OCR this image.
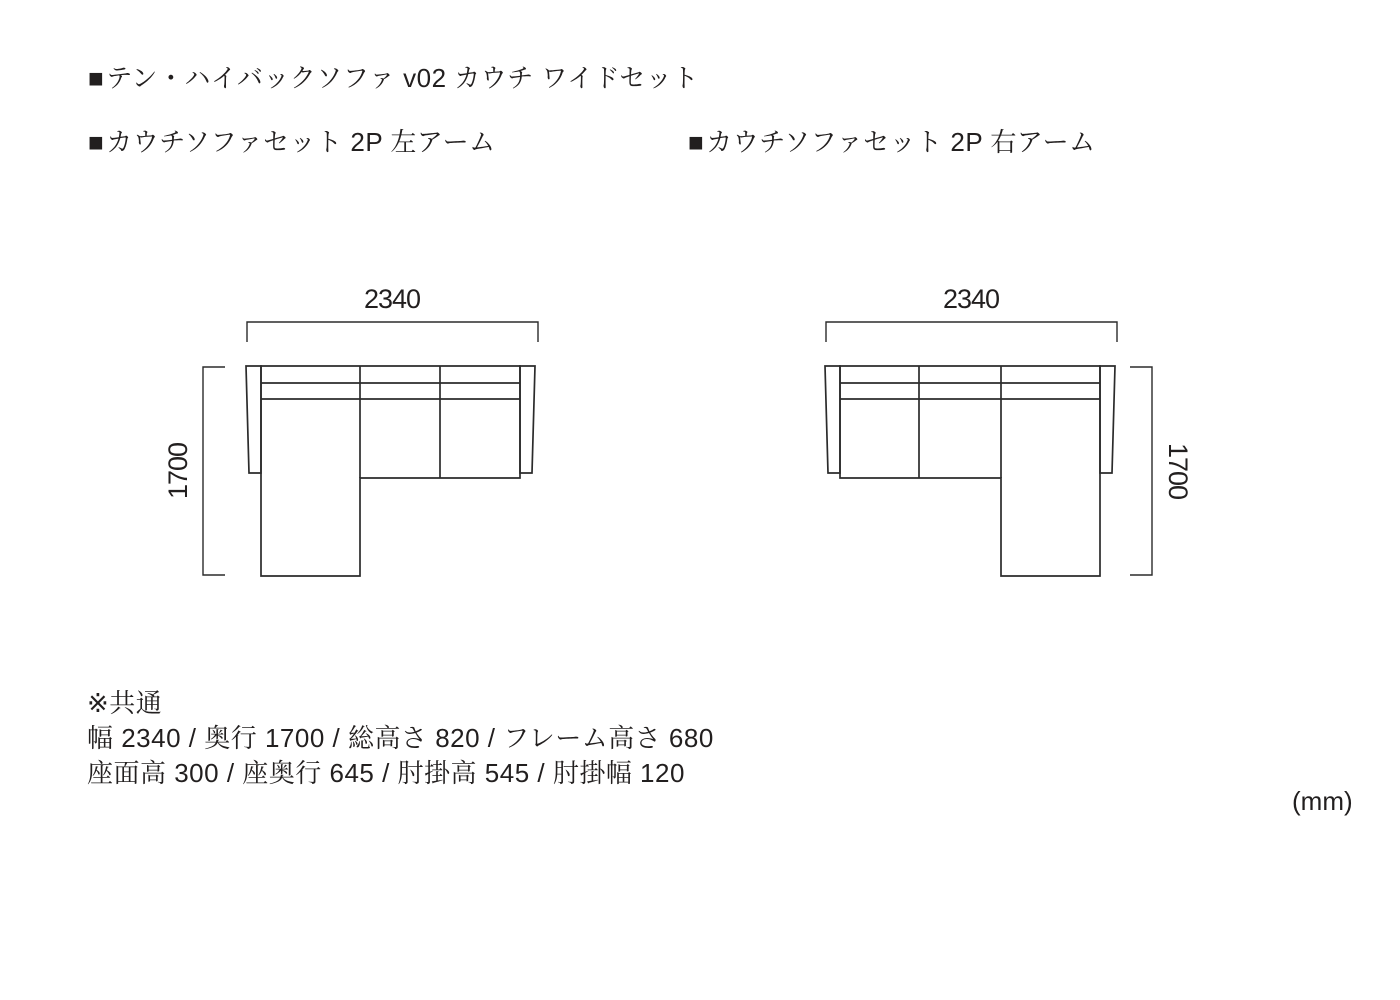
■テン・ハイバックソファ v02 カウチ ワイドセット
■カウチソファセット 2P 左アーム	■カウチソファセット 2P 右アーム
2340
1700
2340
1700
※共通
幅 2340 / 奥行 1700 / 総高さ 820 / フレーム高さ 680
座面高 300 / 座奥行 645 / 肘掛高 545 / 肘掛幅 120
(mm)
